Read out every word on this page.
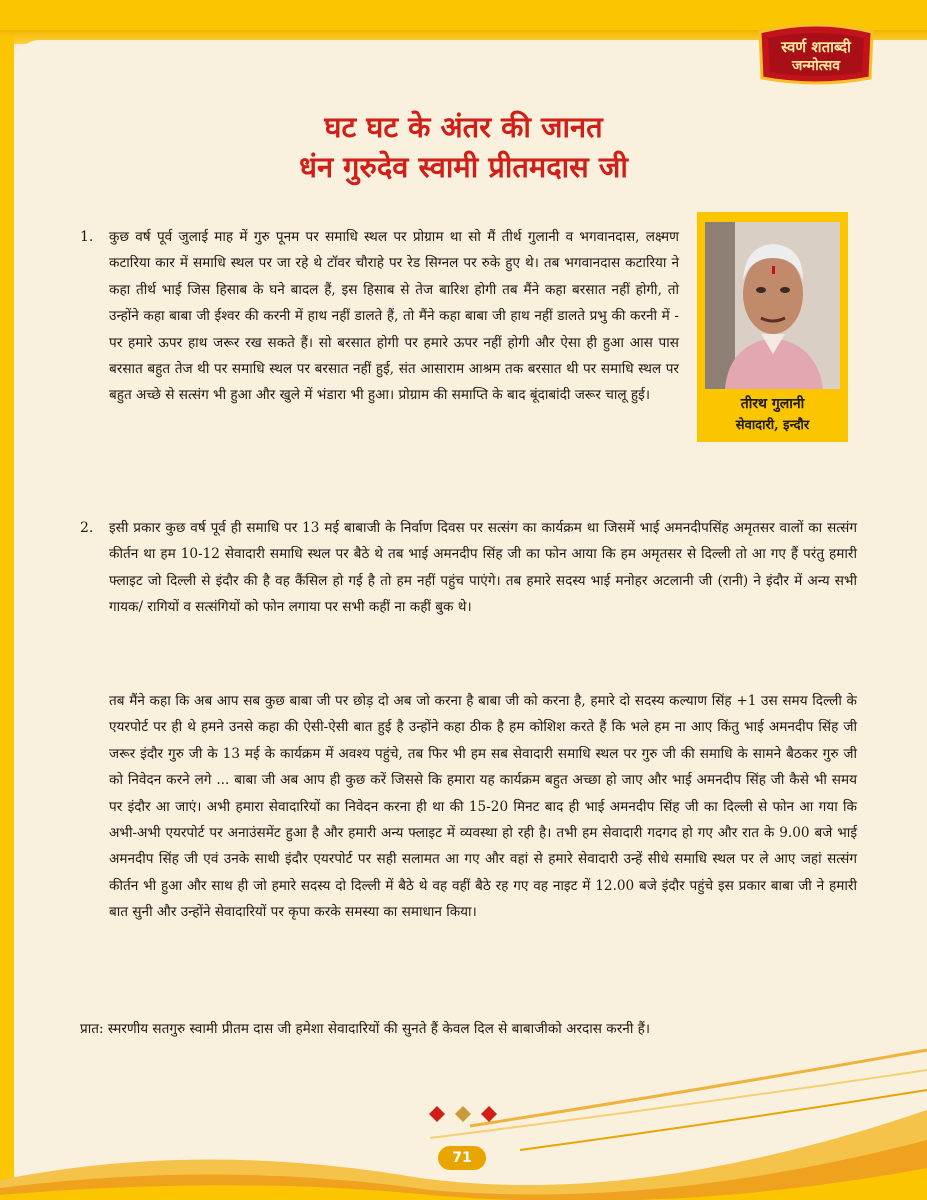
स्वर्ण शताब्दी
जन्मोत्सव
घट घट के अंतर की जानत
धंन गुरुदेव स्वामी प्रीतमदास जी
1. कुछ वर्ष पूर्व जुलाई माह में गुरु पूनम पर समाधि स्थल पर प्रोग्राम था सो मैं तीर्थ गुलानी व भगवानदास, लक्ष्मण कटारिया कार में समाधि स्थल पर जा रहे थे टॉवर चौराहे पर रेड सिग्नल पर रुके हुए थे। तब भगवानदास कटारिया ने कहा तीर्थ भाई जिस हिसाब के घने बादल हैं, इस हिसाब से तेज बारिश होगी तब मैंने कहा बरसात नहीं होगी, तो उन्होंने कहा बाबा जी ईश्वर की करनी में हाथ नहीं डालते हैं, तो मैंने कहा बाबा जी हाथ नहीं डालते प्रभु की करनी में - पर हमारे ऊपर हाथ जरूर रख सकते हैं। सो बरसात होगी पर हमारे ऊपर नहीं होगी और ऐसा ही हुआ आस पास बरसात बहुत तेज थी पर समाधि स्थल पर बरसात नहीं हुई, संत आसाराम आश्रम तक बरसात थी पर समाधि स्थल पर बहुत अच्छे से सत्संग भी हुआ और खुले में भंडारा भी हुआ। प्रोग्राम की समाप्ति के बाद बूंदाबांदी जरूर चालू हुई।

तीरथ गुलानी
सेवादारी, इन्दौर
2. इसी प्रकार कुछ वर्ष पूर्व ही समाधि पर 13 मई बाबाजी के निर्वाण दिवस पर सत्संग का कार्यक्रम था जिसमें भाई अमनदीपसिंह अमृतसर वालों का सत्संग कीर्तन था हम 10-12 सेवादारी समाधि स्थल पर बैठे थे तब भाई अमनदीप सिंह जी का फोन आया कि हम अमृतसर से दिल्ली तो आ गए हैं परंतु हमारी फ्लाइट जो दिल्ली से इंदौर की है वह कैंसिल हो गई है तो हम नहीं पहुंच पाएंगे। तब हमारे सदस्य भाई मनोहर अटलानी जी (रानी) ने इंदौर में अन्य सभी गायक/ रागियों व सत्संगियों को फोन लगाया पर सभी कहीं ना कहीं बुक थे।

तब मैंने कहा कि अब आप सब कुछ बाबा जी पर छोड़ दो अब जो करना है बाबा जी को करना है, हमारे दो सदस्य कल्याण सिंह +1 उस समय दिल्ली के एयरपोर्ट पर ही थे हमने उनसे कहा की ऐसी-ऐसी बात हुई है उन्होंने कहा ठीक है हम कोशिश करते हैं कि भले हम ना आए किंतु भाई अमनदीप सिंह जी जरूर इंदौर गुरु जी के 13 मई के कार्यक्रम में अवश्य पहुंचे, तब फिर भी हम सब सेवादारी समाधि स्थल पर गुरु जी की समाधि के सामने बैठकर गुरु जी को निवेदन करने लगे ... बाबा जी अब आप ही कुछ करें जिससे कि हमारा यह कार्यक्रम बहुत अच्छा हो जाए और भाई अमनदीप सिंह जी कैसे भी समय पर इंदौर आ जाएं। अभी हमारा सेवादारियों का निवेदन करना ही था की 15-20 मिनट बाद ही भाई अमनदीप सिंह जी का दिल्ली से फोन आ गया कि अभी-अभी एयरपोर्ट पर अनाउंसमेंट हुआ है और हमारी अन्य फ्लाइट में व्यवस्था हो रही है। तभी हम सेवादारी गदगद हो गए और रात के 9.00 बजे भाई अमनदीप सिंह जी एवं उनके साथी इंदौर एयरपोर्ट पर सही सलामत आ गए और वहां से हमारे सेवादारी उन्हें सीधे समाधि स्थल पर ले आए जहां सत्संग कीर्तन भी हुआ और साथ ही जो हमारे सदस्य दो दिल्ली में बैठे थे वह वहीं बैठे रह गए वह नाइट में 12.00 बजे इंदौर पहुंचे इस प्रकार बाबा जी ने हमारी बात सुनी और उन्होंने सेवादारियों पर कृपा करके समस्या का समाधान किया।

प्रात: स्मरणीय सतगुरु स्वामी प्रीतम दास जी हमेशा सेवादारियों की सुनते हैं केवल दिल से बाबाजीको अरदास करनी हैं।

71
